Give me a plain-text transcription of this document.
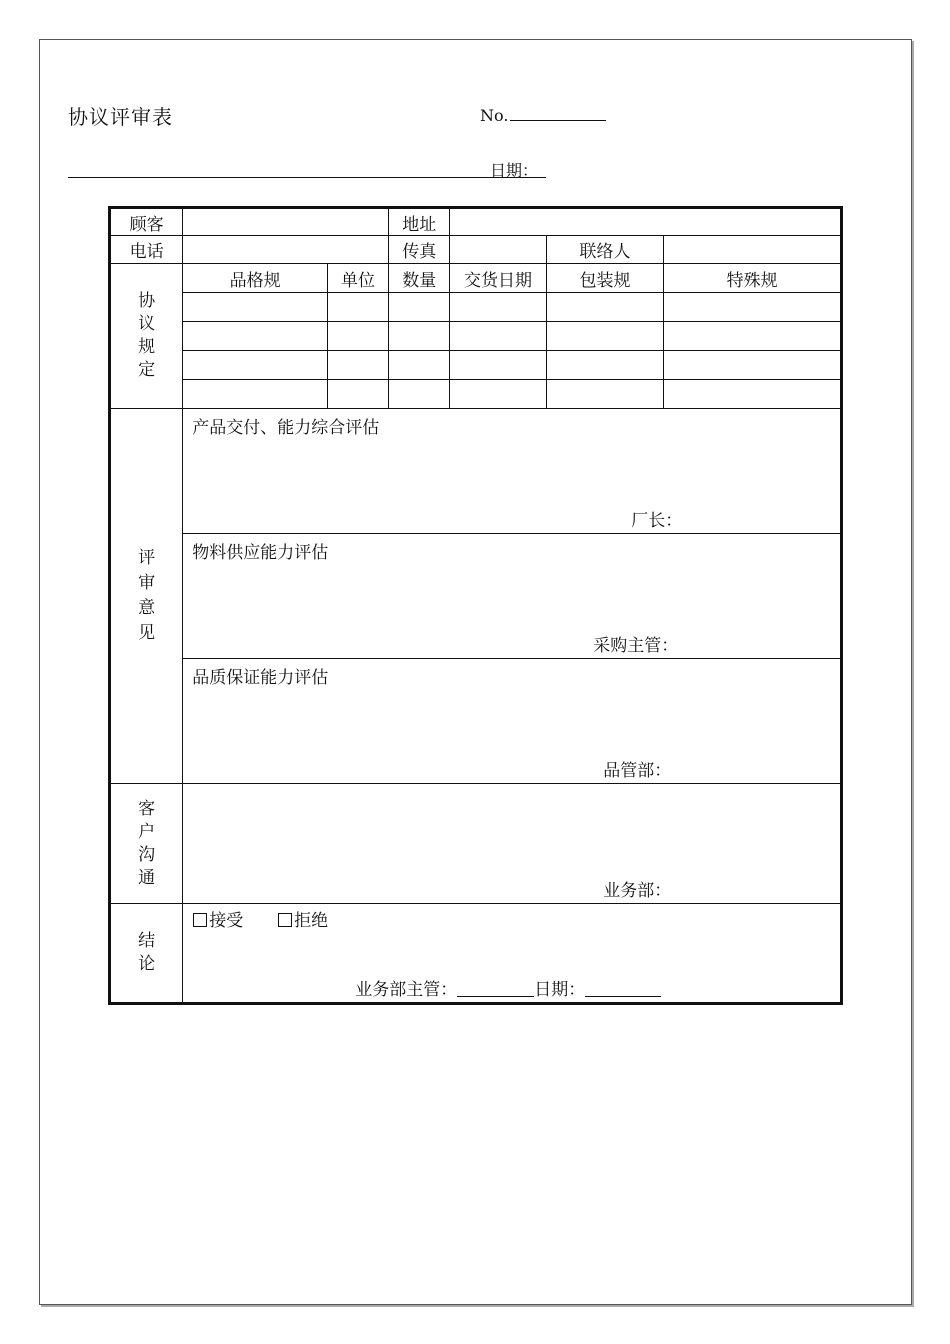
协议评审表	No.
日期：
顾客			地址			
电话			传真		联络人	

协议规定	品格规	单位	数量	交货日期	包装规	特殊规

评审意见	产品交付、能力综合评估
厂长：					

	物料供应能力评估
采购主管：					

	品质保证能力评估
品管部：					

客户沟通	业务部：					

结论	接受 拒绝
业务部主管： 日期：					
